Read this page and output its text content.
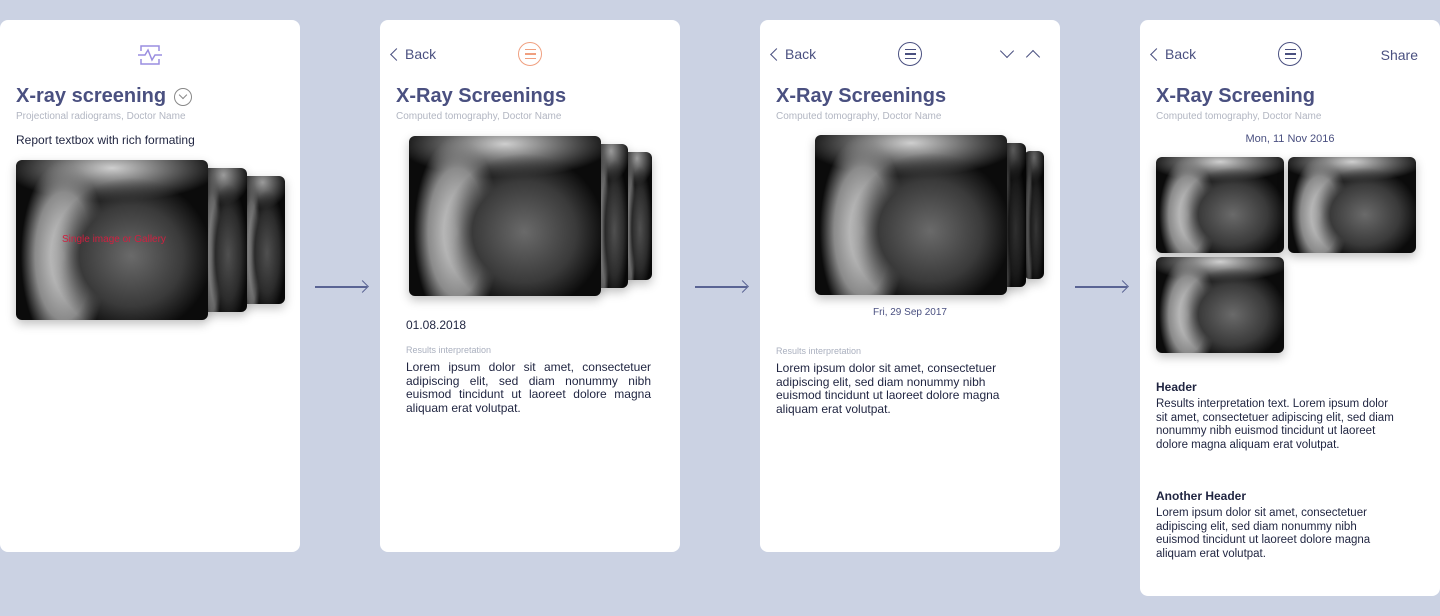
X-ray screening
Projectional radiograms, Doctor Name
Report textbox with rich formating
Single image or Gallery
Back
X-Ray Screenings
Computed tomography, Doctor Name
01.08.2018
Results interpretation
Lorem ipsum dolor sit amet, consectetuer adipiscing elit, sed diam nonummy nibh euismod tincidunt ut laoreet dolore magna aliquam erat volutpat.
Back
X-Ray Screenings
Computed tomography, Doctor Name
Fri, 29 Sep 2017
Results interpretation
Lorem ipsum dolor sit amet, consectetuer adipiscing elit, sed diam nonummy nibh euismod tincidunt ut laoreet dolore magna aliquam erat volutpat.
Back	Share
X-Ray Screening
Computed tomography, Doctor Name
Mon, 11 Nov 2016
Header
Results interpretation text. Lorem ipsum dolor sit amet, consectetuer adipiscing elit, sed diam nonummy nibh euismod tincidunt ut laoreet dolore magna aliquam erat volutpat.
Another Header
Lorem ipsum dolor sit amet, consectetuer adipiscing elit, sed diam nonummy nibh euismod tincidunt ut laoreet dolore magna aliquam erat volutpat.
